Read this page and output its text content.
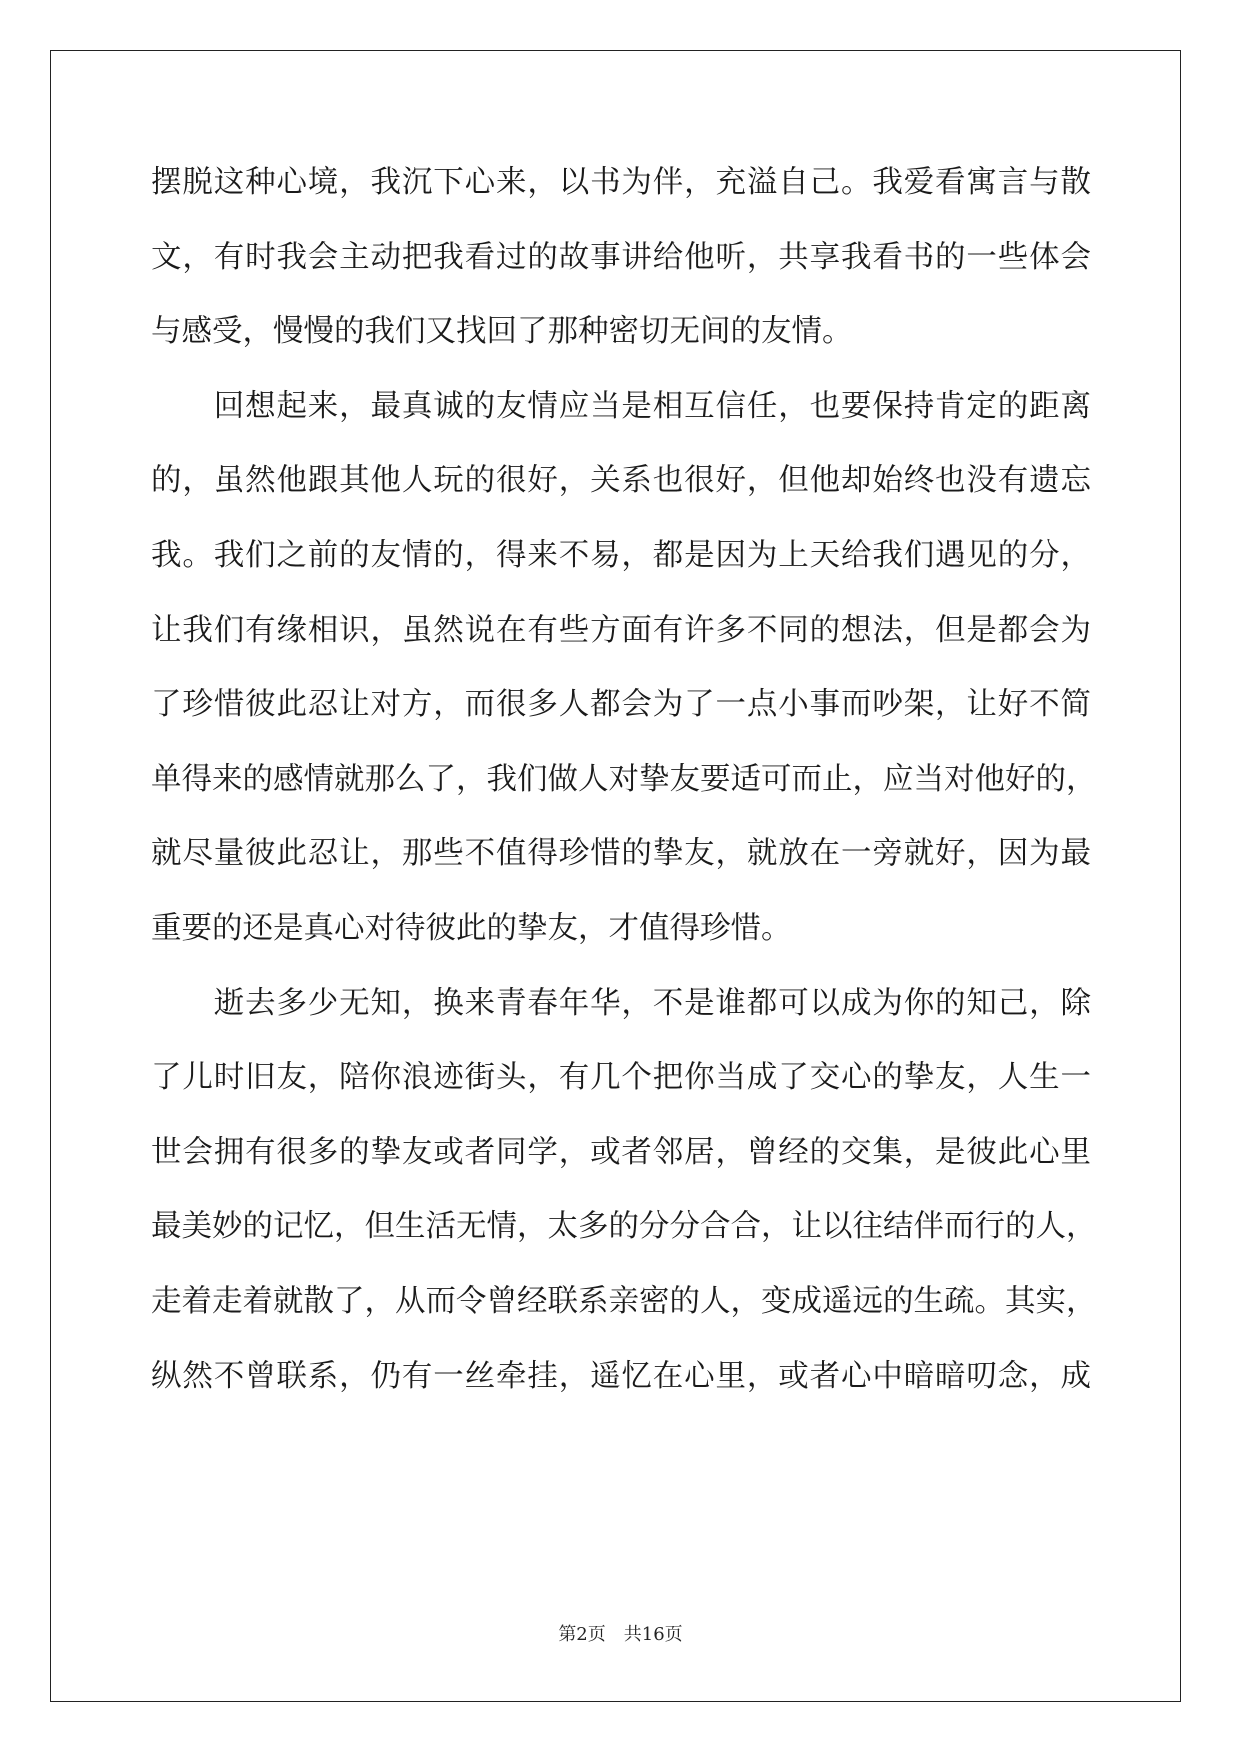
摆脱这种心境，我沉下心来，以书为伴，充溢自己。我爱看寓言与散
文，有时我会主动把我看过的故事讲给他听，共享我看书的一些体会
与感受，慢慢的我们又找回了那种密切无间的友情。
　　回想起来，最真诚的友情应当是相互信任，也要保持肯定的距离
的，虽然他跟其他人玩的很好，关系也很好，但他却始终也没有遗忘
我。我们之前的友情的，得来不易，都是因为上天给我们遇见的分，
让我们有缘相识，虽然说在有些方面有许多不同的想法，但是都会为
了珍惜彼此忍让对方，而很多人都会为了一点小事而吵架，让好不简
单得来的感情就那么了，我们做人对挚友要适可而止，应当对他好的，
就尽量彼此忍让，那些不值得珍惜的挚友，就放在一旁就好，因为最
重要的还是真心对待彼此的挚友，才值得珍惜。
　　逝去多少无知，换来青春年华，不是谁都可以成为你的知己，除
了儿时旧友，陪你浪迹街头，有几个把你当成了交心的挚友，人生一
世会拥有很多的挚友或者同学，或者邻居，曾经的交集，是彼此心里
最美妙的记忆，但生活无情，太多的分分合合，让以往结伴而行的人，
走着走着就散了，从而令曾经联系亲密的人，变成遥远的生疏。其实，
纵然不曾联系，仍有一丝牵挂，遥忆在心里，或者心中暗暗叨念，成
第2页　共16页
